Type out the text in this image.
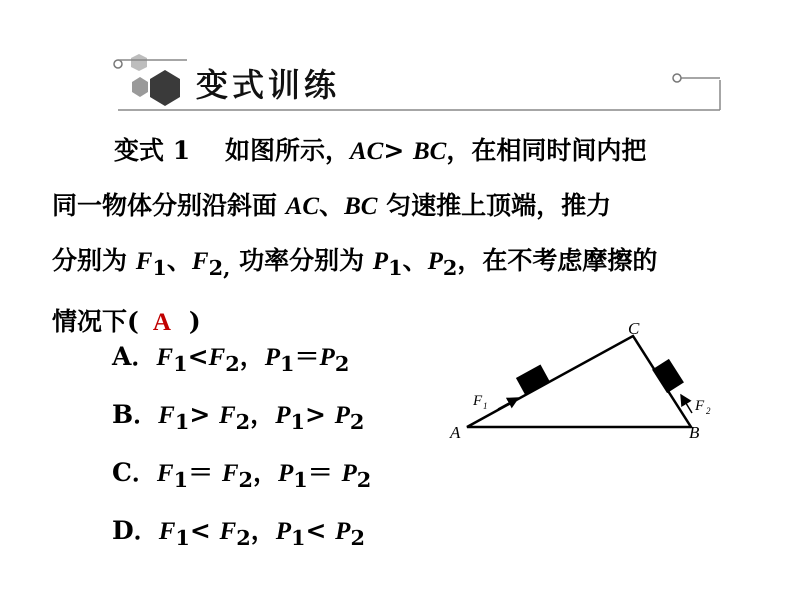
变式训练

变式 1 如图所示，AC> BC，在相同时间内把

同一物体分别沿斜面 AC、BC 匀速推上顶端，推力

分别为 $F_1$、$F_{2,}$ 功率分别为 $P_1$、$P_2$，在不考虑摩擦的

情况下( A )

A．$F_1<F_2$，$P_1=P_2$
B．$F_1> F_2$，$P_1> P_2$
C．$F_1= F_2$，$P_1= P_2$
D．$F_1< F_2$，$P_1< P_2$
A	B
C
F 1	F 2
